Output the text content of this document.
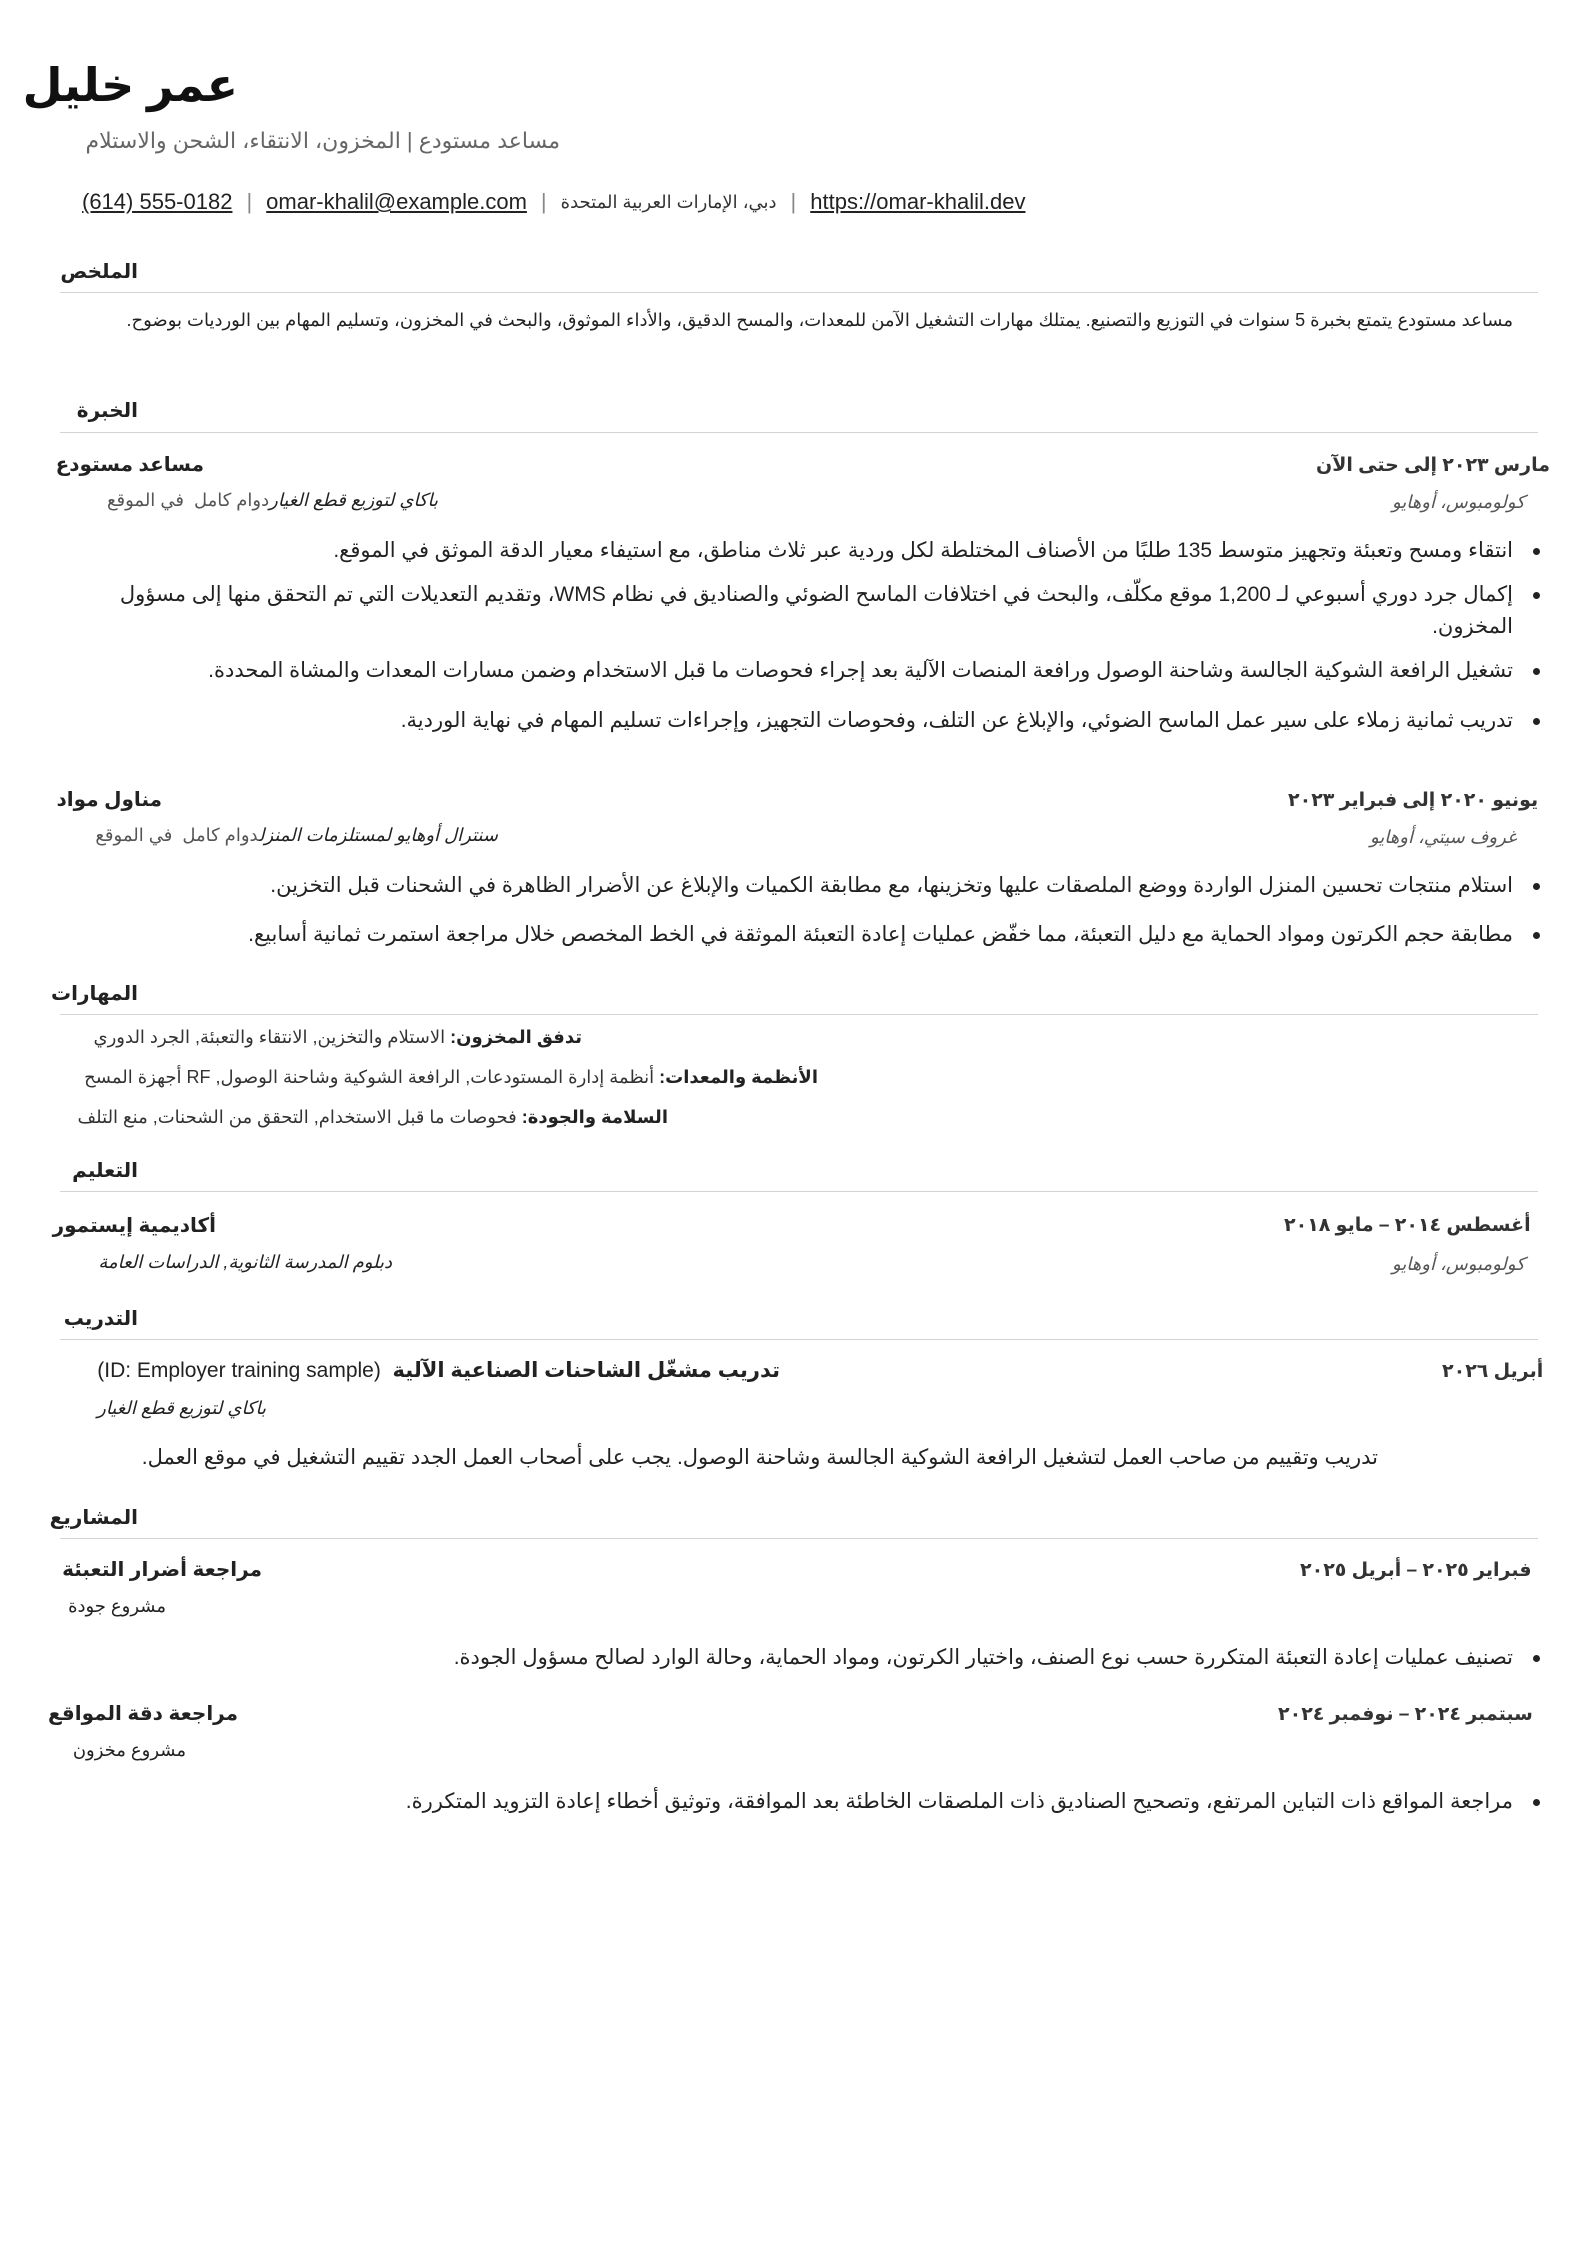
عمر خليل
مساعد مستودع | المخزون، الانتقاء، الشحن والاستلام
(614) 555-0182 | omar-khalil@example.com | دبي، الإمارات العربية المتحدة | https://omar-khalil.dev
الملخص
مساعد مستودع يتمتع بخبرة 5 سنوات في التوزيع والتصنيع. يمتلك مهارات التشغيل الآمن للمعدات، والمسح الدقيق، والأداء الموثوق، والبحث في المخزون، وتسليم المهام بين الورديات بوضوح.
الخبرة
مساعد مستودع	مارس ٢٠٢٣ إلى حتى الآن
باكاي لتوزيع قطع الغياردوام كامل  في الموقع	كولومبوس، أوهايو
انتقاء ومسح وتعبئة وتجهيز متوسط 135 طلبًا من الأصناف المختلطة لكل وردية عبر ثلاث مناطق، مع استيفاء معيار الدقة الموثق في الموقع.
إكمال جرد دوري أسبوعي لـ 1,200 موقع مكلّف، والبحث في اختلافات الماسح الضوئي والصناديق في نظام WMS، وتقديم التعديلات التي تم التحقق منها إلى مسؤول المخزون.
تشغيل الرافعة الشوكية الجالسة وشاحنة الوصول ورافعة المنصات الآلية بعد إجراء فحوصات ما قبل الاستخدام وضمن مسارات المعدات والمشاة المحددة.
تدريب ثمانية زملاء على سير عمل الماسح الضوئي، والإبلاغ عن التلف، وفحوصات التجهيز، وإجراءات تسليم المهام في نهاية الوردية.
مناول مواد	يونيو ٢٠٢٠ إلى فبراير ٢٠٢٣
سنترال أوهايو لمستلزمات المنزلدوام كامل  في الموقع	غروف سيتي، أوهايو
استلام منتجات تحسين المنزل الواردة ووضع الملصقات عليها وتخزينها، مع مطابقة الكميات والإبلاغ عن الأضرار الظاهرة في الشحنات قبل التخزين.
مطابقة حجم الكرتون ومواد الحماية مع دليل التعبئة، مما خفّض عمليات إعادة التعبئة الموثقة في الخط المخصص خلال مراجعة استمرت ثمانية أسابيع.
المهارات
تدفق المخزون: الاستلام والتخزين, الانتقاء والتعبئة, الجرد الدوري
الأنظمة والمعدات: أنظمة إدارة المستودعات, الرافعة الشوكية وشاحنة الوصول, RF أجهزة المسح
السلامة والجودة: فحوصات ما قبل الاستخدام, التحقق من الشحنات, منع التلف
التعليم
أكاديمية إيستمور	أغسطس ٢٠١٤ – مايو ٢٠١٨
دبلوم المدرسة الثانوية, الدراسات العامة	كولومبوس، أوهايو
التدريب
تدريب مشغّل الشاحنات الصناعية الآلية  (ID: Employer training sample)	أبريل ٢٠٢٦
باكاي لتوزيع قطع الغيار
تدريب وتقييم من صاحب العمل لتشغيل الرافعة الشوكية الجالسة وشاحنة الوصول. يجب على أصحاب العمل الجدد تقييم التشغيل في موقع العمل.
المشاريع
مراجعة أضرار التعبئة	فبراير ٢٠٢٥ – أبريل ٢٠٢٥
مشروع جودة
تصنيف عمليات إعادة التعبئة المتكررة حسب نوع الصنف، واختيار الكرتون، ومواد الحماية، وحالة الوارد لصالح مسؤول الجودة.
مراجعة دقة المواقع	سبتمبر ٢٠٢٤ – نوفمبر ٢٠٢٤
مشروع مخزون
مراجعة المواقع ذات التباين المرتفع، وتصحيح الصناديق ذات الملصقات الخاطئة بعد الموافقة، وتوثيق أخطاء إعادة التزويد المتكررة.
